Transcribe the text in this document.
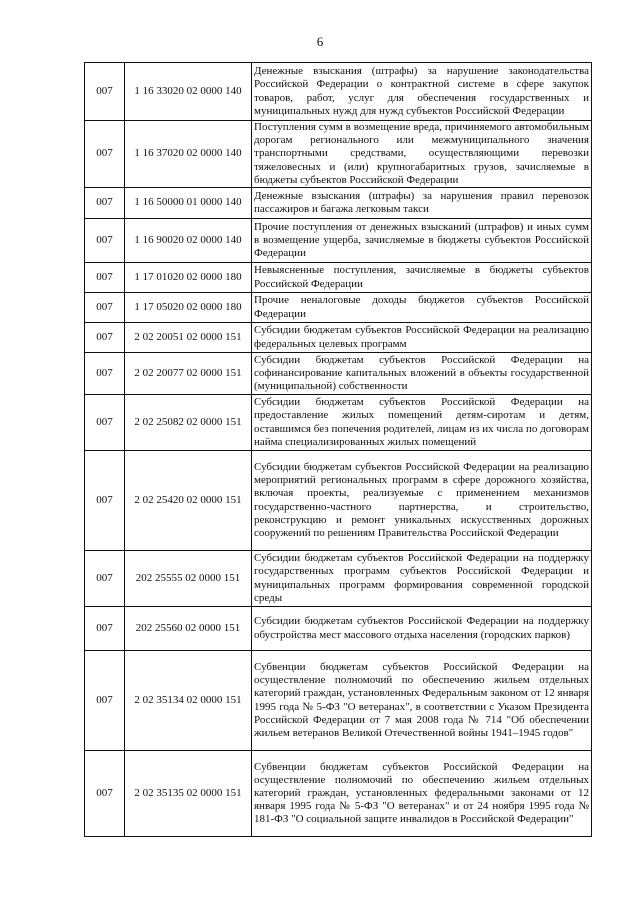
6
007	1 16 33020 02 0000 140	Денежные взыскания (штрафы) за нарушение законодательства Российской Федерации о контрактной системе в сфере закупок товаров, работ, услуг для обеспечения государственных и муниципальных нужд для нужд субъектов Российской Федерации
007	1 16 37020 02 0000 140	Поступления сумм в возмещение вреда, причиняемого автомобильным дорогам регионального или межмуниципального значения транспортными средствами, осуществляющими перевозки тяжеловесных и (или) крупногабаритных грузов, зачисляемые в бюджеты субъектов Российской Федерации
007	1 16 50000 01 0000 140	Денежные взыскания (штрафы) за нарушения правил перевозок пассажиров и багажа легковым такси
007	1 16 90020 02 0000 140	Прочие поступления от денежных взысканий (штрафов) и иных сумм в возмещение ущерба, зачисляемые в бюджеты субъектов Российской Федерации
007	1 17 01020 02 0000 180	Невыясненные поступления, зачисляемые в бюджеты субъектов Российской Федерации
007	1 17 05020 02 0000 180	Прочие неналоговые доходы бюджетов субъектов Российской Федерации
007	2 02 20051 02 0000 151	Субсидии бюджетам субъектов Российской Федерации на реализацию федеральных целевых программ
007	2 02 20077 02 0000 151	Субсидии бюджетам субъектов Российской Федерации на софинансирование капитальных вложений в объекты государственной (муниципальной) собственности
007	2 02 25082 02 0000 151	Субсидии бюджетам субъектов Российской Федерации на предоставление жилых помещений детям-сиротам и детям, оставшимся без попечения родителей, лицам из их числа по договорам найма специализированных жилых помещений
007	2 02 25420 02 0000 151	Субсидии бюджетам субъектов Российской Федерации на реализацию мероприятий региональных программ в сфере дорожного хозяйства, включая проекты, реализуемые с применением механизмов государственно-частного партнерства, и строительство, реконструкцию и ремонт уникальных искусственных дорожных сооружений по решениям Правительства Российской Федерации
007	202 25555 02 0000 151	Субсидии бюджетам субъектов Российской Федерации на поддержку государственных программ субъектов Российской Федерации и муниципальных программ формирования современной городской среды
007	202 25560 02 0000 151	Субсидии бюджетам субъектов Российской Федерации на поддержку обустройства мест массового отдыха населения (городских парков)
007	2 02 35134 02 0000 151	Субвенции бюджетам субъектов Российской Федерации на осуществление полномочий по обеспечению жильем отдельных категорий граждан, установленных Федеральным законом от 12 января 1995 года № 5-ФЗ "О ветеранах", в соответствии с Указом Президента Российской Федерации от 7 мая 2008 года № 714 "Об обеспечении жильем ветеранов Великой Отечественной войны 1941–1945 годов"
007	2 02 35135 02 0000 151	Субвенции бюджетам субъектов Российской Федерации на осуществление полномочий по обеспечению жильем отдельных категорий граждан, установленных федеральными законами от 12 января 1995 года № 5-ФЗ "О ветеранах" и от 24 ноября 1995 года № 181-ФЗ "О социальной защите инвалидов в Российской Федерации"
